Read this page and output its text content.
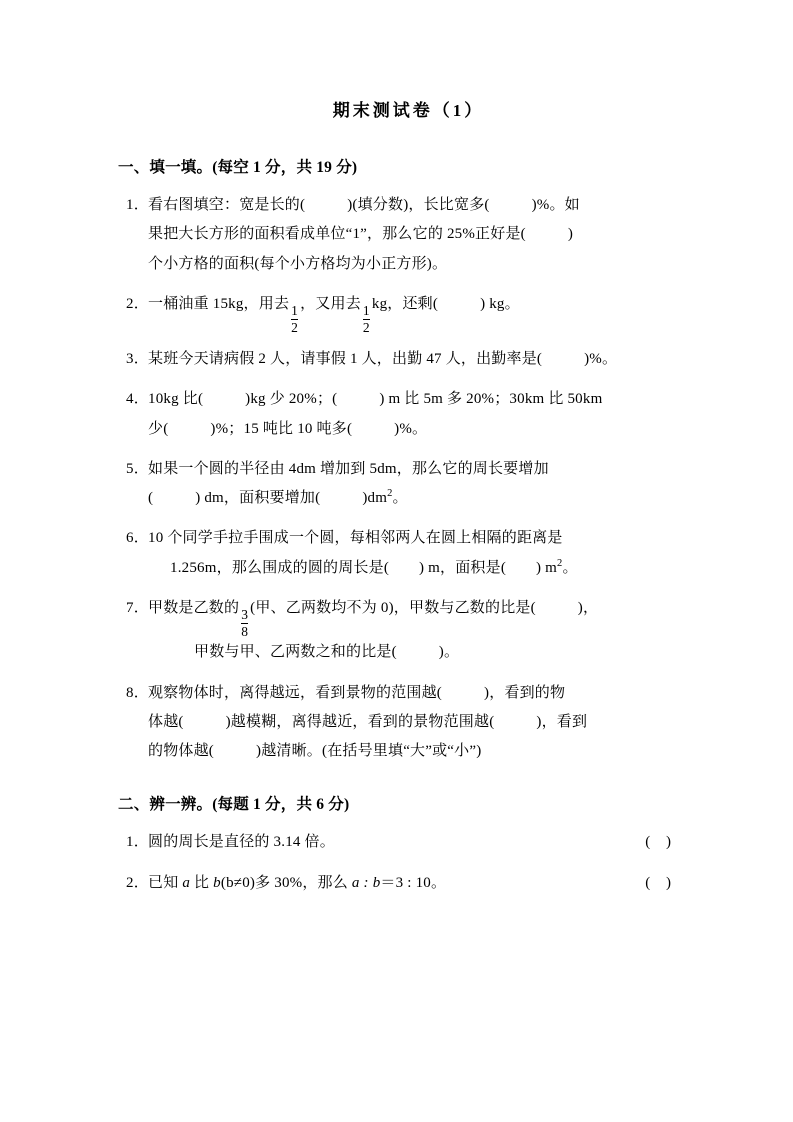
期末测试卷（1）
一、填一填。(每空 1 分，共 19 分)
1． 看右图填空：宽是长的(	)(填分数)，长比宽多(	)%。如
果把大长方形的面积看成单位“1”，那么它的 25%正好是(	)
个小方格的面积(每个小方格均为小正方形)。
2． 一桶油重 15kg，用去
$\frac{1}{2}$
，又用去
$\frac{1}{2}$
kg，还剩(	) kg。
3． 某班今天请病假 2 人，请事假 1 人，出勤 47 人，出勤率是(	)%。
4． 10kg 比(	)kg 少 20%；(	) m 比 5m 多 20%；30km 比 50km
少(	)%；15 吨比 10 吨多(	)%。
5． 如果一个圆的半径由 4dm 增加到 5dm，那么它的周长要增加
(	) dm，面积要增加(	)$dm^2$。
6． 10 个同学手拉手围成一个圆，每相邻两人在圆上相隔的距离是
1.256m，那么围成的圆的周长是( ) m，面积是( ) $m^2$。
7． 甲数是乙数的
$\frac{3}{8}$
(甲、乙两数均不为 0)，甲数与乙数的比是(	)，
甲数与甲、乙两数之和的比是(	)。
8． 观察物体时，离得越远，看到景物的范围越(	)，看到的物
体越(	)越模糊，离得越近，看到的景物范围越(	)，看到
的物体越(	)越清晰。(在括号里填“大”或“小”)
二、辨一辨。(每题 1 分，共 6 分)
1． 圆的周长是直径的 3.14 倍。	( )
2． 已知 a 比 b(b≠0)多 30%，那么 a : b＝3 : 10。	( )
